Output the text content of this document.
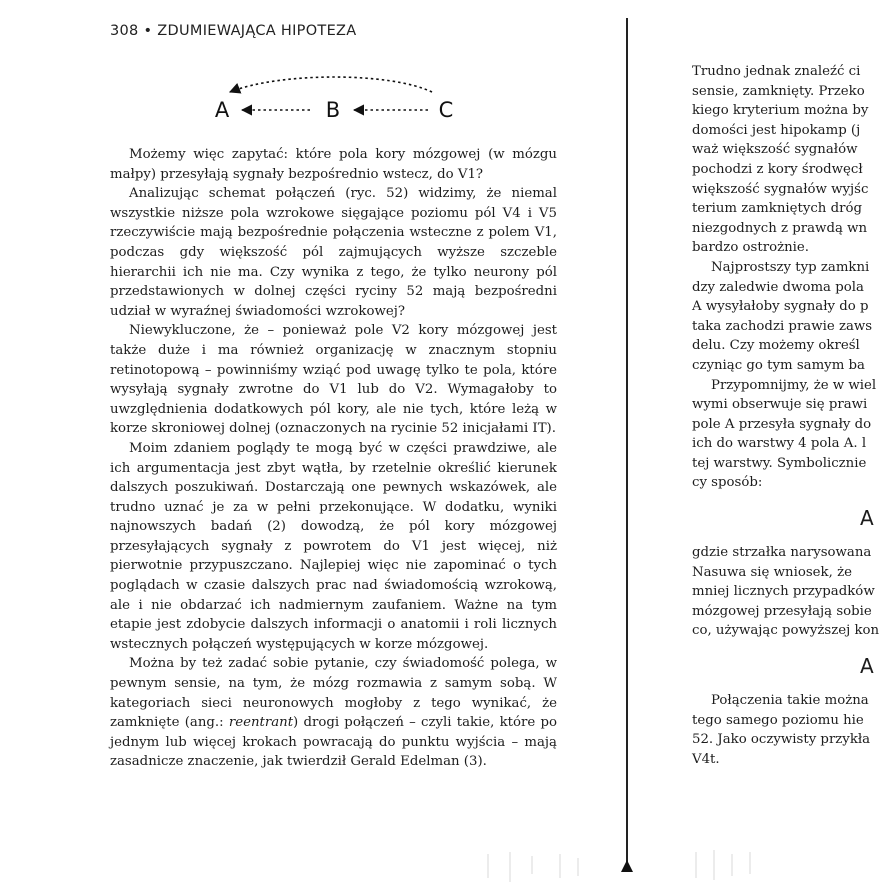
308 • ZDUMIEWAJĄCA HIPOTEZA
A	B	C

Możemy więc zapytać: które pola kory mózgowej (w mózgu małpy) przesyłają sygnały bezpośrednio wstecz, do V1?

Analizując schemat połączeń (ryc. 52) widzimy, że niemal wszystkie niższe pola wzrokowe sięgające poziomu pól V4 i V5 rzeczywiście mają bezpośrednie połączenia wsteczne z polem V1, podczas gdy większość pól zajmujących wyższe szczeble hierarchii ich nie ma. Czy wynika z tego, że tylko neurony pól przedstawionych w dolnej części ryciny 52 mają bezpośredni udział w wyraźnej świadomości wzrokowej?

Niewykluczone, że – ponieważ pole V2 kory mózgowej jest także duże i ma również organizację w znacznym stopniu retinotopową – powinniśmy wziąć pod uwagę tylko te pola, które wysyłają sygnały zwrotne do V1 lub do V2. Wymagałoby to uwzględnienia dodatkowych pól kory, ale nie tych, które leżą w korze skroniowej dolnej (oznaczonych na rycinie 52 inicjałami IT).

Moim zdaniem poglądy te mogą być w części prawdziwe, ale ich argumentacja jest zbyt wątła, by rzetelnie określić kierunek dalszych poszukiwań. Dostarczają one pewnych wskazówek, ale trudno uznać je za w pełni przekonujące. W dodatku, wyniki najnowszych badań (2) dowodzą, że pól kory mózgowej przesyłających sygnały z powrotem do V1 jest więcej, niż pierwotnie przypuszczano. Najlepiej więc nie zapominać o tych poglądach w czasie dalszych prac nad świadomością wzrokową, ale i nie obdarzać ich nadmiernym zaufaniem. Ważne na tym etapie jest zdobycie dalszych informacji o anatomii i roli licznych wstecznych połączeń występujących w korze mózgowej.

Można by też zadać sobie pytanie, czy świadomość polega, w pewnym sensie, na tym, że mózg rozmawia z samym sobą. W kategoriach sieci neuronowych mogłoby z tego wynikać, że zamknięte (ang.: reentrant) drogi połączeń – czyli takie, które po jednym lub więcej krokach powracają do punktu wyjścia – mają zasadnicze znaczenie, jak twierdził Gerald Edelman (3).

Trudno jednak znaleźć ci
sensie, zamknięty. Przeko
kiego kryterium można by
domości jest hipokamp (j
waż większość sygnałów
pochodzi z kory środwęcł
większość sygnałów wyjśc
terium zamkniętych dróg
niezgodnych z prawdą wn
bardzo ostrożnie.
Najprostszy typ zamkni
dzy zaledwie dwoma pola
A wysyłałoby sygnały do p
taka zachodzi prawie zaws
delu. Czy możemy określ
czyniąc go tym samym ba
Przypomnijmy, że w wiel
wymi obserwuje się prawi
pole A przesyła sygnały do
ich do warstwy 4 pola A. l
tej warstwy. Symbolicznie
cy sposób:
A
gdzie strzałka narysowana
Nasuwa się wniosek, że
mniej licznych przypadków
mózgowej przesyłają sobie
co, używając powyższej kon
A
Połączenia takie można
tego samego poziomu hie
52. Jako oczywisty przykła
V4t.
